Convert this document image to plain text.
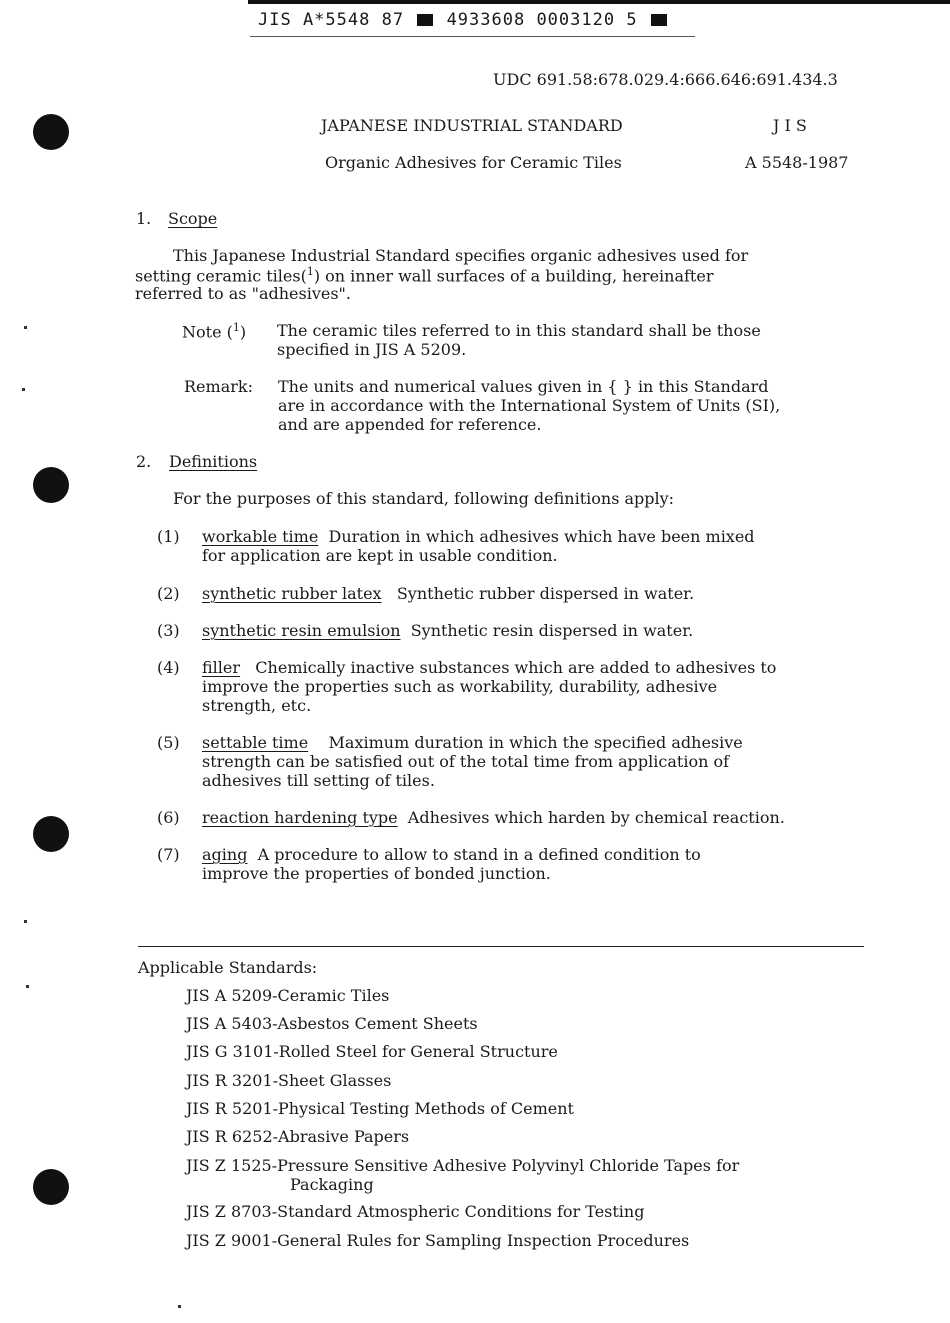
JIS A*5548 87	4933608 0003120 5
UDC 691.58:678.029.4:666.646:691.434.3
JAPANESE INDUSTRIAL STANDARD	J I S
Organic Adhesives for Ceramic Tiles	A 5548-1987
1. Scope
This Japanese Industrial Standard specifies organic adhesives used for
setting ceramic tiles($^1$) on inner wall surfaces of a building, hereinafter
referred to as "adhesives".
Note ($^1$) The ceramic tiles referred to in this standard shall be those
specified in JIS A 5209.
Remark: The units and numerical values given in { } in this Standard
are in accordance with the International System of Units (SI),
and are appended for reference.
2. Definitions
For the purposes of this standard, following definitions apply:
(1) workable time Duration in which adhesives which have been mixed
for application are kept in usable condition.
(2) synthetic rubber latex Synthetic rubber dispersed in water.
(3) synthetic resin emulsion Synthetic resin dispersed in water.
(4) filler Chemically inactive substances which are added to adhesives to
improve the properties such as workability, durability, adhesive
strength, etc.
(5) settable time Maximum duration in which the specified adhesive
strength can be satisfied out of the total time from application of
adhesives till setting of tiles.
(6) reaction hardening type Adhesives which harden by chemical reaction.
(7) aging A procedure to allow to stand in a defined condition to
improve the properties of bonded junction.
Applicable Standards:
JIS A 5209-Ceramic Tiles
JIS A 5403-Asbestos Cement Sheets
JIS G 3101-Rolled Steel for General Structure
JIS R 3201-Sheet Glasses
JIS R 5201-Physical Testing Methods of Cement
JIS R 6252-Abrasive Papers
JIS Z 1525-Pressure Sensitive Adhesive Polyvinyl Chloride Tapes for
Packaging
JIS Z 8703-Standard Atmospheric Conditions for Testing
JIS Z 9001-General Rules for Sampling Inspection Procedures
